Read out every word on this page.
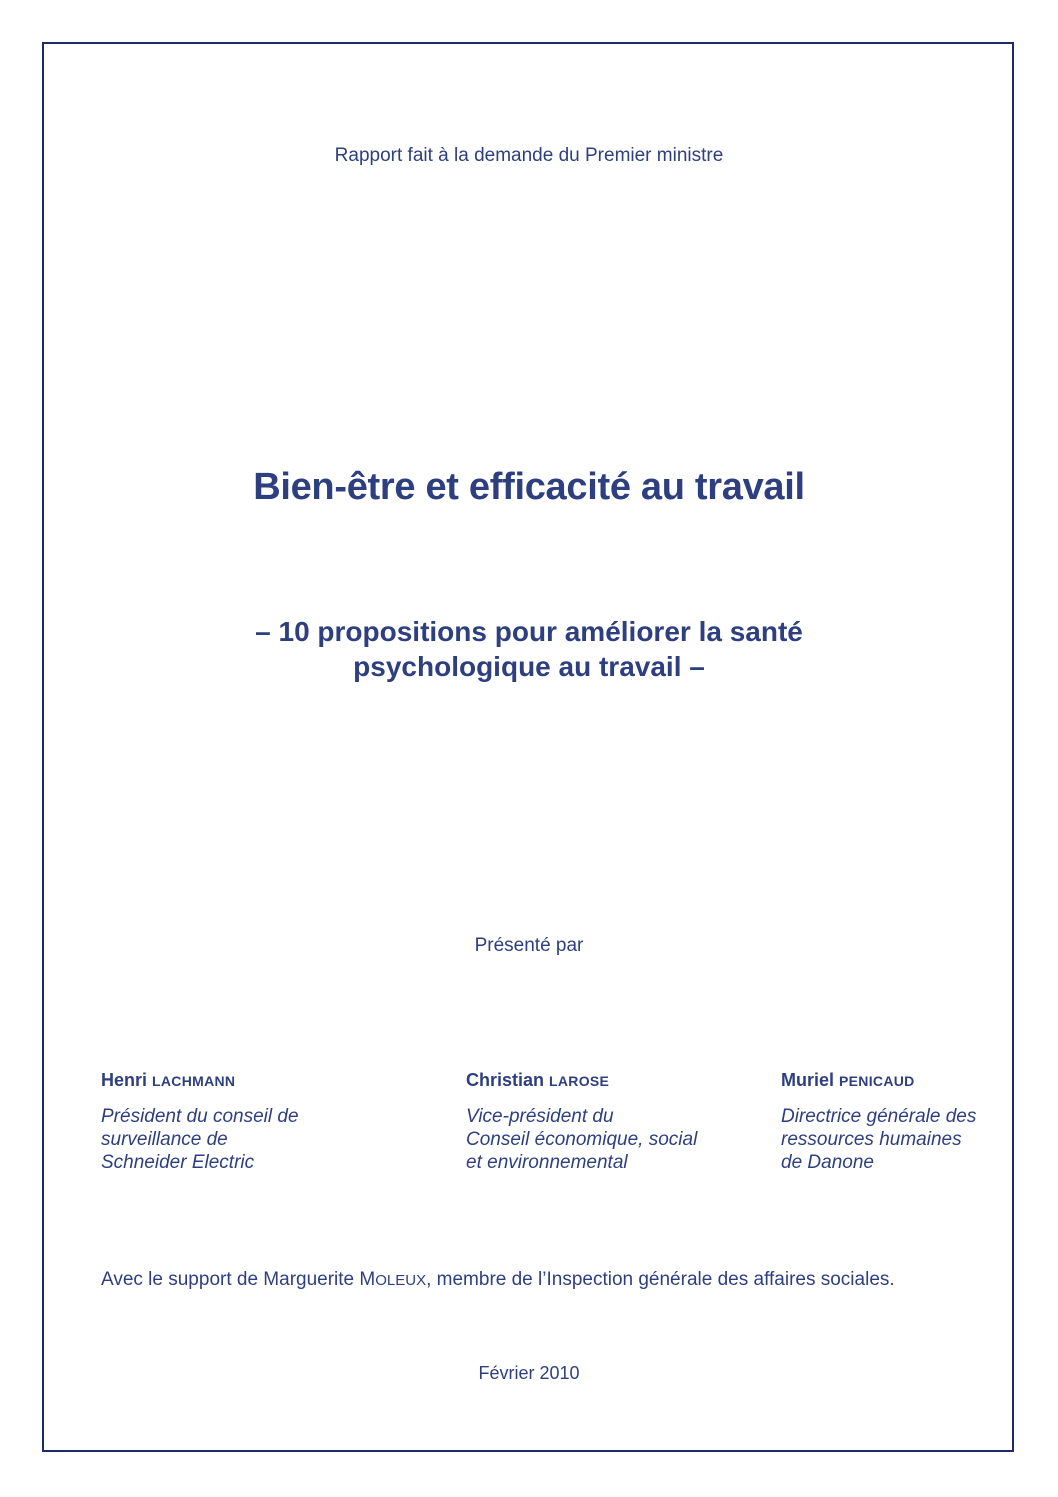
Rapport fait à la demande du Premier ministre
Bien-être et efficacité au travail
– 10 propositions pour améliorer la santé
psychologique au travail –
Présenté par
Henri LACHMANN
Président du conseil de
surveillance de
Schneider Electric
Christian LAROSE
Vice-président du
Conseil économique, social
et environnemental
Muriel PENICAUD
Directrice générale des
ressources humaines
de Danone
Avec le support de Marguerite MOLEUX, membre de l’Inspection générale des affaires sociales.
Février 2010
